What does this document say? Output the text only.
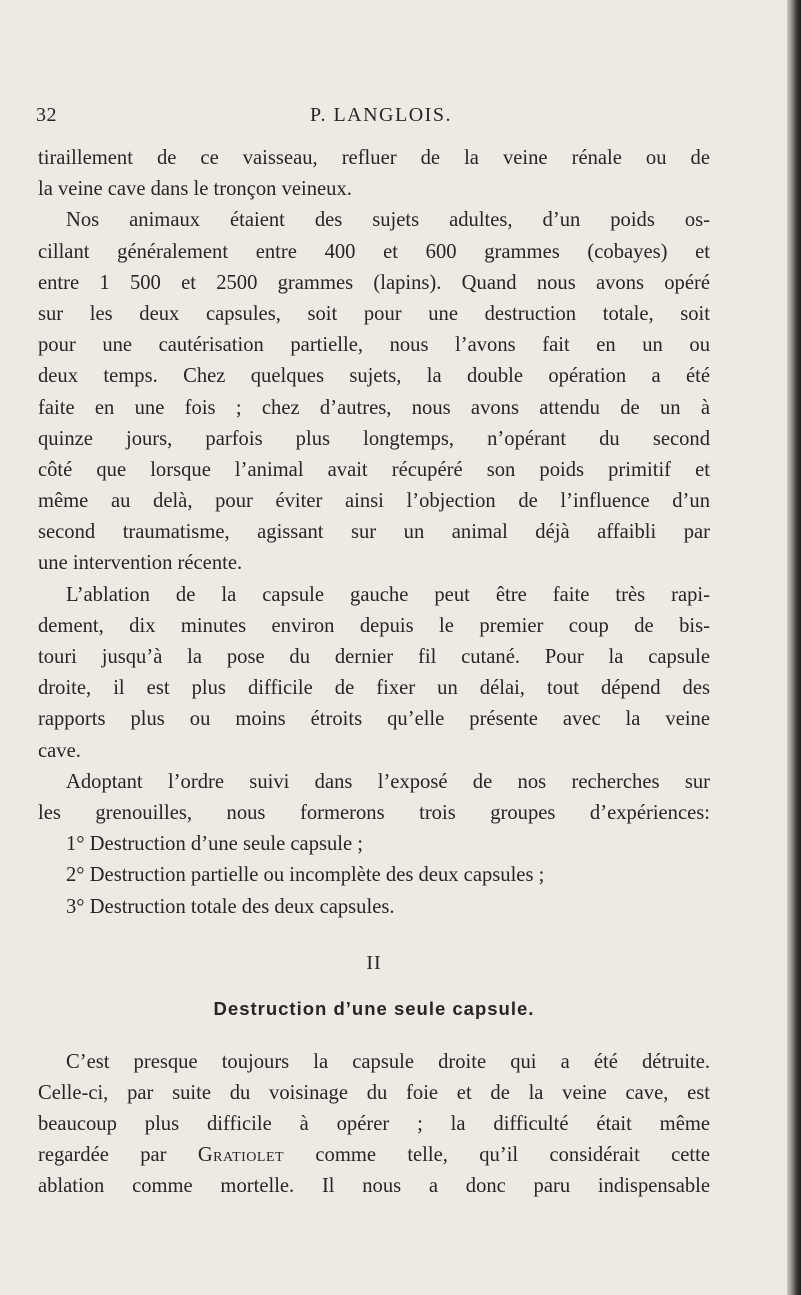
32	P. LANGLOIS.
tiraillement de ce vaisseau, refluer de la veine rénale ou de
la veine cave dans le tronçon veineux.
Nos animaux étaient des sujets adultes, d’un poids os-
cillant généralement entre 400 et 600 grammes (cobayes) et
entre 1 500 et 2500 grammes (lapins). Quand nous avons opéré
sur les deux capsules, soit pour une destruction totale, soit
pour une cautérisation partielle, nous l’avons fait en un ou
deux temps. Chez quelques sujets, la double opération a été
faite en une fois ; chez d’autres, nous avons attendu de un à
quinze jours, parfois plus longtemps, n’opérant du second
côté que lorsque l’animal avait récupéré son poids primitif et
même au delà, pour éviter ainsi l’objection de l’influence d’un
second traumatisme, agissant sur un animal déjà affaibli par
une intervention récente.
L’ablation de la capsule gauche peut être faite très rapi-
dement, dix minutes environ depuis le premier coup de bis-
touri jusqu’à la pose du dernier fil cutané. Pour la capsule
droite, il est plus difficile de fixer un délai, tout dépend des
rapports plus ou moins étroits qu’elle présente avec la veine
cave.
Adoptant l’ordre suivi dans l’exposé de nos recherches sur
les grenouilles, nous formerons trois groupes d’expériences:
1° Destruction d’une seule capsule ;
2° Destruction partielle ou incomplète des deux capsules ;
3° Destruction totale des deux capsules.
II
Destruction d’une seule capsule.
C’est presque toujours la capsule droite qui a été détruite.
Celle-ci, par suite du voisinage du foie et de la veine cave, est
beaucoup plus difficile à opérer ; la difficulté était même
regardée par Gratiolet comme telle, qu’il considérait cette
ablation comme mortelle. Il nous a donc paru indispensable
